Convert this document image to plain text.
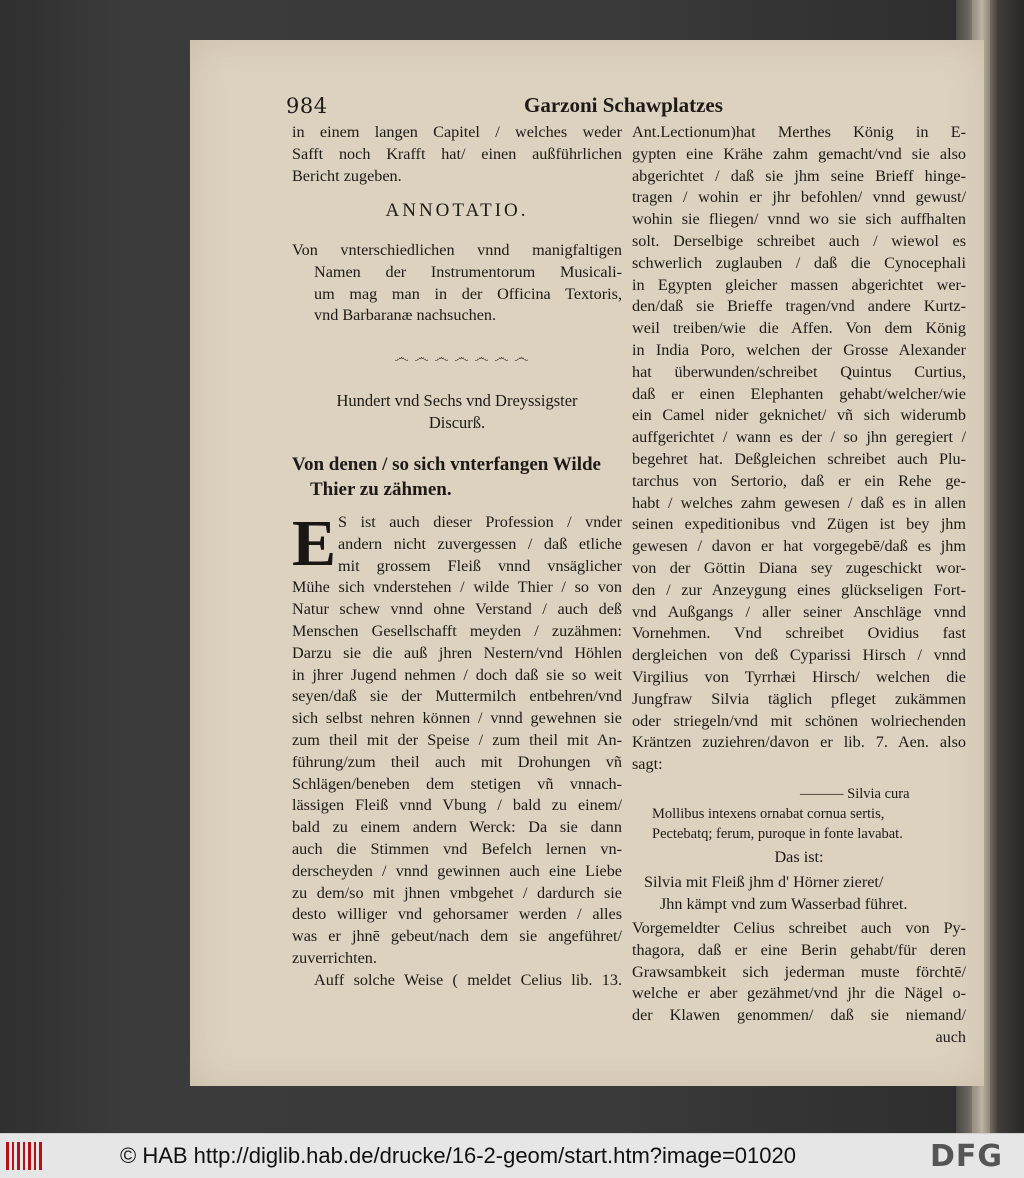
984	Garzoni Schawplatzes
in einem langen Capitel / welches weder
Safft noch Krafft hat/ einen außführlichen
Bericht zugeben.
ANNOTATIO.
Von vnterschiedlichen vnnd manigfaltigen
Namen der Instrumentorum Musicali-
um mag man in der Officina Textoris,
vnd Barbaranæ nachsuchen.
෴ ෴ ෴ ෴ ෴ ෴ ෴
Hundert vnd Sechs vnd Dreyssigster
Discurß.
Von denen / so sich vnterfangen Wilde
Thier zu zähmen.
E S ist auch dieser Profession / vnder
andern nicht zuvergessen / daß etliche
mit grossem Fleiß vnnd vnsäglicher
Mühe sich vnderstehen / wilde Thier / so von
Natur schew vnnd ohne Verstand / auch deß
Menschen Gesellschafft meyden / zuzähmen:
Darzu sie die auß jhren Nestern/vnd Höhlen
in jhrer Jugend nehmen / doch daß sie so weit
seyen/daß sie der Muttermilch entbehren/vnd
sich selbst nehren können / vnnd gewehnen sie
zum theil mit der Speise / zum theil mit An-
führung/zum theil auch mit Drohungen vñ
Schlägen/beneben dem stetigen vñ vnnach-
lässigen Fleiß vnnd Vbung / bald zu einem/
bald zu einem andern Werck: Da sie dann
auch die Stimmen vnd Befelch lernen vn-
derscheyden / vnnd gewinnen auch eine Liebe
zu dem/so mit jhnen vmbgehet / dardurch sie
desto williger vnd gehorsamer werden / alles
was er jhnē gebeut/nach dem sie angeführet/
zuverrichten.
Auff solche Weise ( meldet Celius lib. 13.
Ant.Lectionum)hat Merthes König in E-
gypten eine Krähe zahm gemacht/vnd sie also
abgerichtet / daß sie jhm seine Brieff hinge-
tragen / wohin er jhr befohlen/ vnnd gewust/
wohin sie fliegen/ vnnd wo sie sich auffhalten
solt. Derselbige schreibet auch / wiewol es
schwerlich zuglauben / daß die Cynocephali
in Egypten gleicher massen abgerichtet wer-
den/daß sie Brieffe tragen/vnd andere Kurtz-
weil treiben/wie die Affen. Von dem König
in India Poro, welchen der Grosse Alexander
hat überwunden/schreibet Quintus Curtius,
daß er einen Elephanten gehabt/welcher/wie
ein Camel nider geknichet/ vñ sich widerumb
auffgerichtet / wann es der / so jhn geregiert /
begehret hat. Deßgleichen schreibet auch Plu-
tarchus von Sertorio, daß er ein Rehe ge-
habt / welches zahm gewesen / daß es in allen
seinen expeditionibus vnd Zügen ist bey jhm
gewesen / davon er hat vorgegebē/daß es jhm
von der Göttin Diana sey zugeschickt wor-
den / zur Anzeygung eines glückseligen Fort-
vnd Außgangs / aller seiner Anschläge vnnd
Vornehmen. Vnd schreibet Ovidius fast
dergleichen von deß Cyparissi Hirsch / vnnd
Virgilius von Tyrrhæi Hirsch/ welchen die
Jungfraw Silvia täglich pfleget zukämmen
oder striegeln/vnd mit schönen wolriechenden
Kräntzen zuziehren/davon er lib. 7. Aen. also
sagt:
——— Silvia cura
Mollibus intexens ornabat cornua sertis,
Pectebatq; ferum, puroque in fonte lavabat.
Das ist:
Silvia mit Fleiß jhm d' Hörner zieret/
Jhn kämpt vnd zum Wasserbad führet.
Vorgemeldter Celius schreibet auch von Py-
thagora, daß er eine Berin gehabt/für deren
Grawsambkeit sich jederman muste förchtē/
welche er aber gezähmet/vnd jhr die Nägel o-
der Klawen genommen/ daß sie niemand/
auch
© HAB http://diglib.hab.de/drucke/16-2-geom/start.htm?image=01020	DFG
